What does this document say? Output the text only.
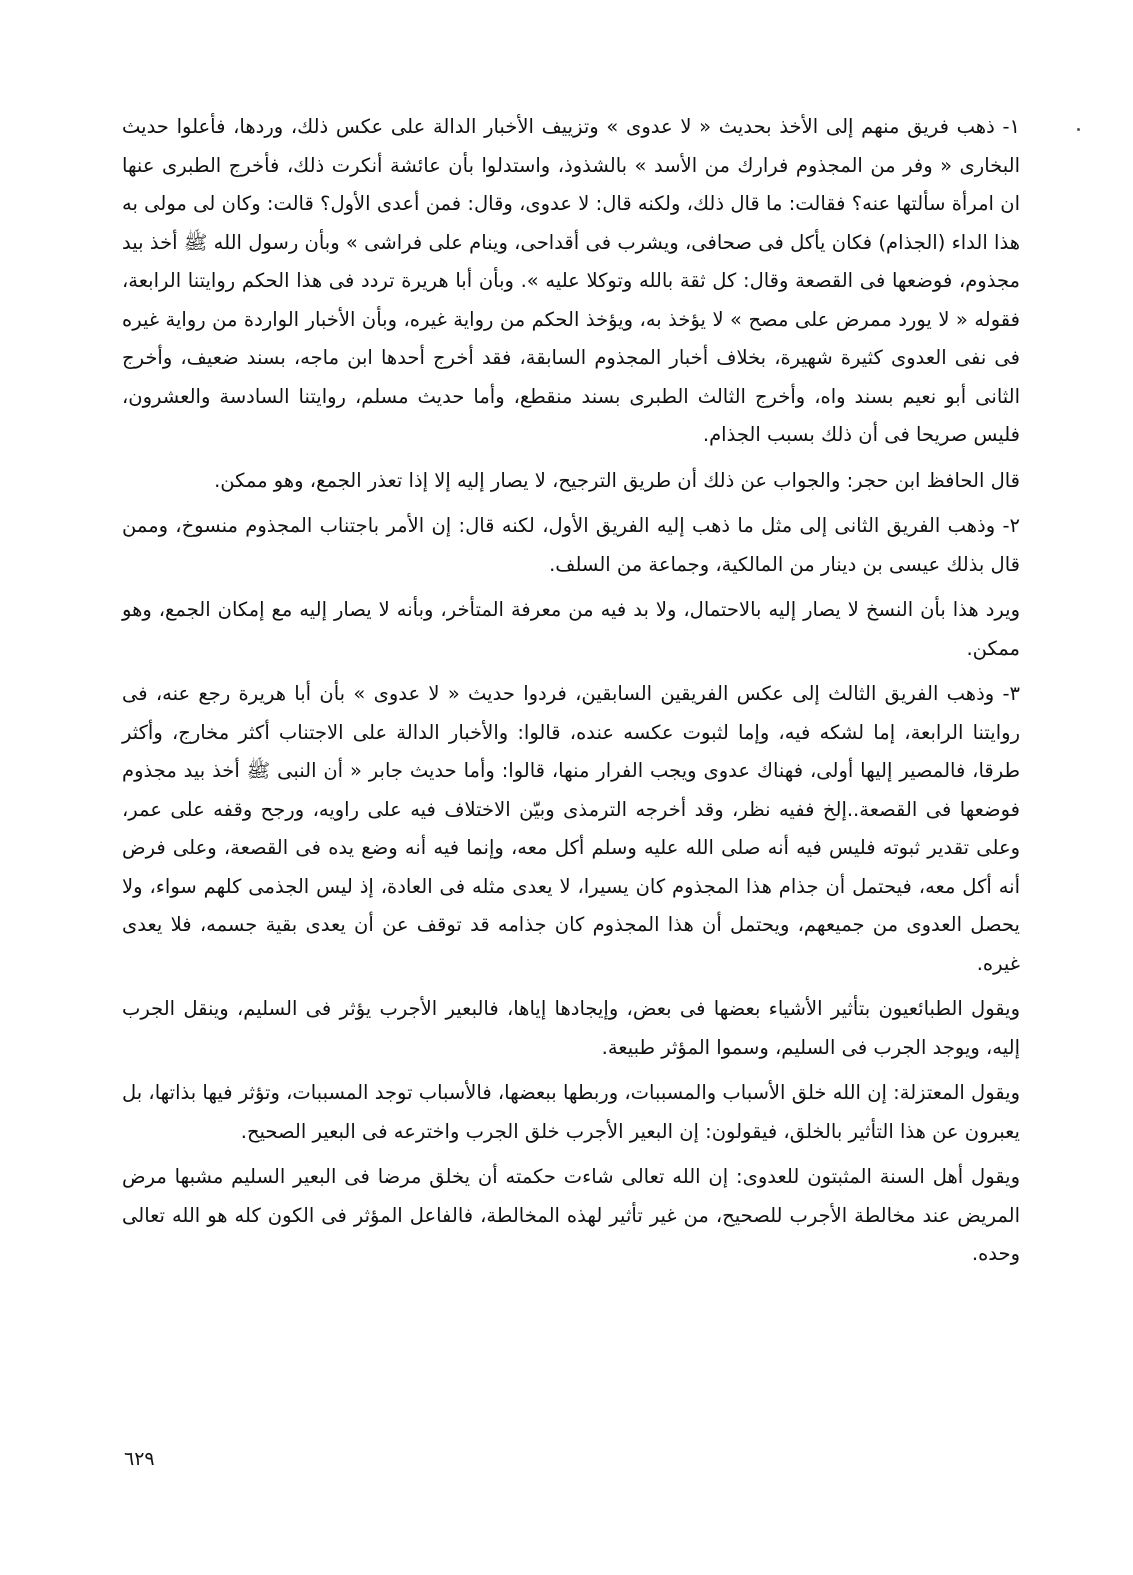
١- ذهب فريق منهم إلى الأخذ بحديث « لا عدوى » وتزييف الأخبار الدالة على عكس ذلك، وردها، فأعلوا حديث البخارى « وفر من المجذوم فرارك من الأسد » بالشذوذ، واستدلوا بأن عائشة أنكرت ذلك، فأخرج الطبرى عنها ان امرأة سألتها عنه؟ فقالت: ما قال ذلك، ولكنه قال: لا عدوى، وقال: فمن أعدى الأول؟ قالت: وكان لى مولى به هذا الداء (الجذام) فكان يأكل فى صحافى، ويشرب فى أقداحى، وينام على فراشى » وبأن رسول الله ﷺ أخذ بيد مجذوم، فوضعها فى القصعة وقال: كل ثقة بالله وتوكلا عليه ». وبأن أبا هريرة تردد فى هذا الحكم روايتنا الرابعة، فقوله « لا يورد ممرض على مصح » لا يؤخذ به، ويؤخذ الحكم من رواية غيره، وبأن الأخبار الواردة من رواية غيره فى نفى العدوى كثيرة شهيرة، بخلاف أخبار المجذوم السابقة، فقد أخرج أحدها ابن ماجه، بسند ضعيف، وأخرج الثانى أبو نعيم بسند واه، وأخرج الثالث الطبرى بسند منقطع، وأما حديث مسلم، روايتنا السادسة والعشرون، فليس صريحا فى أن ذلك بسبب الجذام.

قال الحافظ ابن حجر: والجواب عن ذلك أن طريق الترجيح، لا يصار إليه إلا إذا تعذر الجمع، وهو ممكن.

٢- وذهب الفريق الثانى إلى مثل ما ذهب إليه الفريق الأول، لكنه قال: إن الأمر باجتناب المجذوم منسوخ، وممن قال بذلك عيسى بن دينار من المالكية، وجماعة من السلف.

ويرد هذا بأن النسخ لا يصار إليه بالاحتمال، ولا بد فيه من معرفة المتأخر، وبأنه لا يصار إليه مع إمكان الجمع، وهو ممكن.

٣- وذهب الفريق الثالث إلى عكس الفريقين السابقين، فردوا حديث « لا عدوى » بأن أبا هريرة رجع عنه، فى روايتنا الرابعة، إما لشكه فيه، وإما لثبوت عكسه عنده، قالوا: والأخبار الدالة على الاجتناب أكثر مخارج، وأكثر طرقا، فالمصير إليها أولى، فهناك عدوى ويجب الفرار منها، قالوا: وأما حديث جابر « أن النبى ﷺ أخذ بيد مجذوم فوضعها فى القصعة..إلخ ففيه نظر، وقد أخرجه الترمذى وبيّن الاختلاف فيه على راويه، ورجح وقفه على عمر، وعلى تقدير ثبوته فليس فيه أنه صلى الله عليه وسلم أكل معه، وإنما فيه أنه وضع يده فى القصعة، وعلى فرض أنه أكل معه، فيحتمل أن جذام هذا المجذوم كان يسيرا، لا يعدى مثله فى العادة، إذ ليس الجذمى كلهم سواء، ولا يحصل العدوى من جميعهم، ويحتمل أن هذا المجذوم كان جذامه قد توقف عن أن يعدى بقية جسمه، فلا يعدى غيره.

ويقول الطبائعيون بتأثير الأشياء بعضها فى بعض، وإيجادها إياها، فالبعير الأجرب يؤثر فى السليم، وينقل الجرب إليه، ويوجد الجرب فى السليم، وسموا المؤثر طبيعة.

ويقول المعتزلة: إن الله خلق الأسباب والمسببات، وربطها ببعضها، فالأسباب توجد المسببات، وتؤثر فيها بذاتها، بل يعبرون عن هذا التأثير بالخلق، فيقولون: إن البعير الأجرب خلق الجرب واخترعه فى البعير الصحيح.

ويقول أهل السنة المثبتون للعدوى: إن الله تعالى شاءت حكمته أن يخلق مرضا فى البعير السليم مشبها مرض المريض عند مخالطة الأجرب للصحيح، من غير تأثير لهذه المخالطة، فالفاعل المؤثر فى الكون كله هو الله تعالى وحده.

٦٢٩
